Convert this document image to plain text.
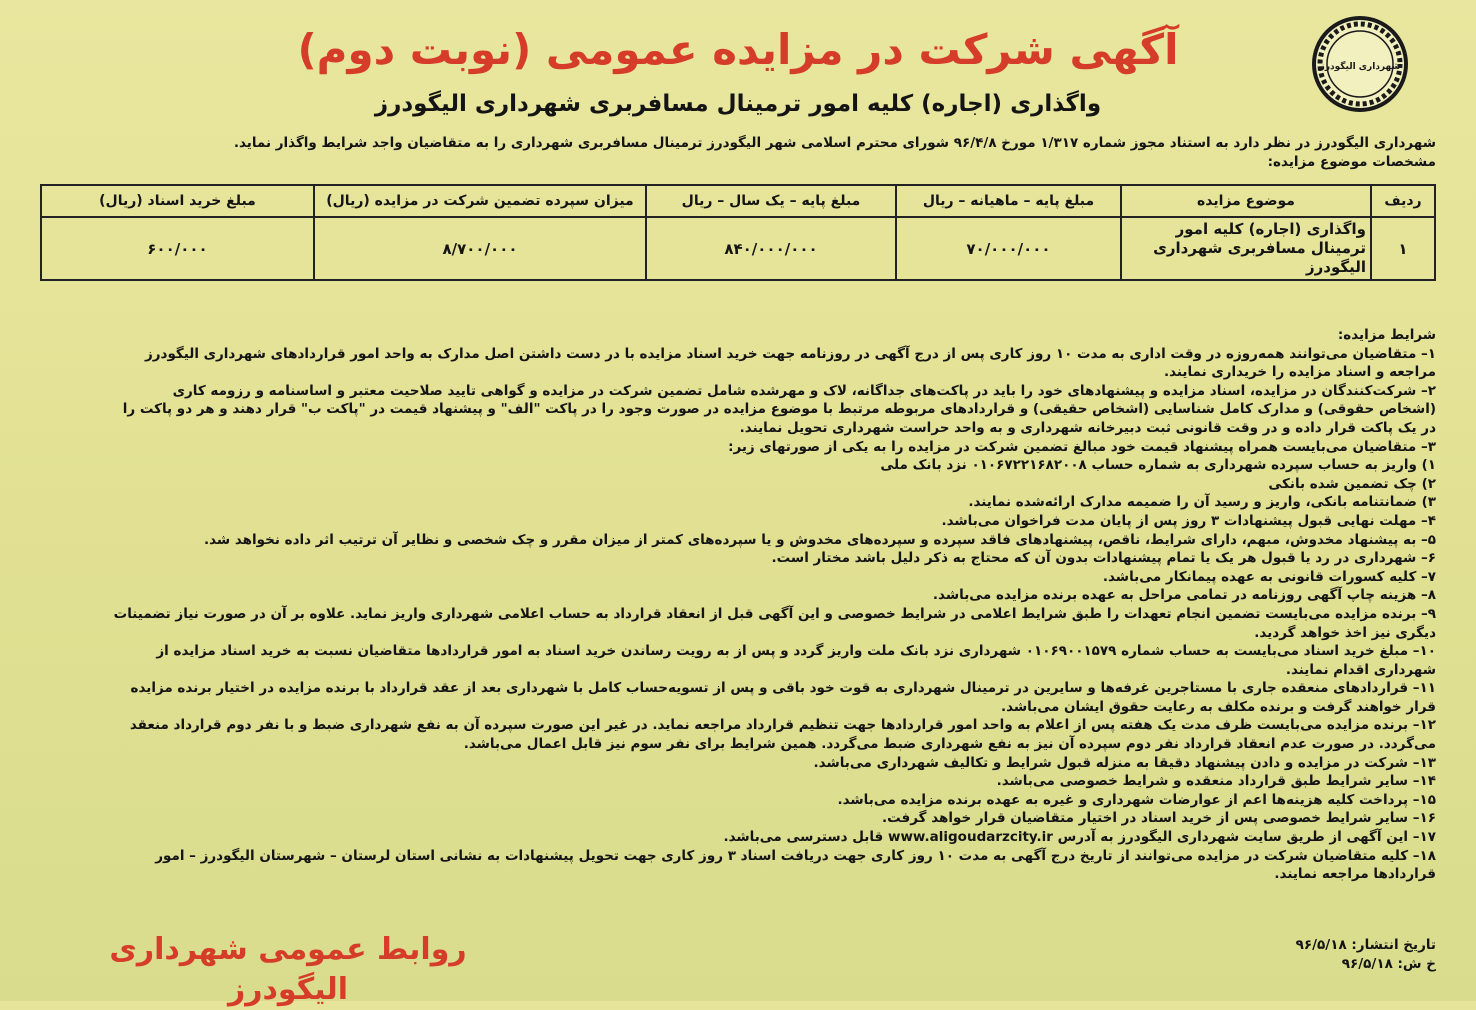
شهرداری الیگودرز
آگهی شرکت در مزایده عمومی (نوبت دوم)
واگذاری (اجاره) کلیه امور ترمینال مسافربری شهرداری الیگودرز
شهرداری الیگودرز در نظر دارد به استناد مجوز شماره ۱/۳۱۷ مورخ ۹۶/۴/۸ شورای محترم اسلامی شهر الیگودرز ترمینال مسافربری شهرداری را به متقاضیان واجد شرایط واگذار نماید.
مشخصات موضوع مزایده:
ردیف	موضوع مزایده	مبلغ پایه – ماهیانه – ریال	مبلغ پایه – یک سال – ریال	میزان سپرده تضمین شرکت در مزایده (ریال)	مبلغ خرید اسناد (ریال)
۱	واگذاری (اجاره) کلیه امور ترمینال مسافربری شهرداری الیگودرز	۷۰/۰۰۰/۰۰۰	۸۴۰/۰۰۰/۰۰۰	۸/۷۰۰/۰۰۰	۶۰۰/۰۰۰
شرایط مزایده:
۱– متقاضیان می‌توانند همه‌روزه در وقت اداری به مدت ۱۰ روز کاری پس از درج آگهی در روزنامه جهت خرید اسناد مزایده با در دست داشتن اصل مدارک به واحد امور قراردادهای شهرداری الیگودرز
مراجعه و اسناد مزایده را خریداری نمایند.
۲– شرکت‌کنندگان در مزایده، اسناد مزایده و پیشنهادهای خود را باید در پاکت‌های جداگانه، لاک و مهرشده شامل تضمین شرکت در مزایده و گواهی تایید صلاحیت معتبر و اساسنامه و رزومه کاری
(اشخاص حقوقی) و مدارک کامل شناسایی (اشخاص حقیقی) و قراردادهای مربوطه مرتبط با موضوع مزایده در صورت وجود را در پاکت "الف" و پیشنهاد قیمت در "پاکت ب" قرار دهند و هر دو پاکت را
در یک پاکت قرار داده و در وقت قانونی ثبت دبیرخانه شهرداری و به واحد حراست شهرداری تحویل نمایند.
۳– متقاضیان می‌بایست همراه پیشنهاد قیمت خود مبالغ تضمین شرکت در مزایده را به یکی از صورتهای زیر:
۱) واریز به حساب سپرده شهرداری به شماره حساب ۰۱۰۶۷۲۲۱۶۸۲۰۰۸ نزد بانک ملی
۲) چک تضمین شده بانکی
۳) ضمانتنامه بانکی، واریز و رسید آن را ضمیمه مدارک ارائه‌شده نمایند.
۴– مهلت نهایی قبول پیشنهادات ۳ روز پس از پایان مدت فراخوان می‌باشد.
۵– به پیشنهاد مخدوش، مبهم، دارای شرایط، ناقص، پیشنهادهای فاقد سپرده و سپرده‌های مخدوش و یا سپرده‌های کمتر از میزان مقرر و چک شخصی و نظایر آن ترتیب اثر داده نخواهد شد.
۶– شهرداری در رد یا قبول هر یک یا تمام پیشنهادات بدون آن که محتاج به ذکر دلیل باشد مختار است.
۷– کلیه کسورات قانونی به عهده پیمانکار می‌باشد.
۸– هزینه چاپ آگهی روزنامه در تمامی مراحل به عهده برنده مزایده می‌باشد.
۹– برنده مزایده می‌بایست تضمین انجام تعهدات را طبق شرایط اعلامی در شرایط خصوصی و این آگهی قبل از انعقاد قرارداد به حساب اعلامی شهرداری واریز نماید. علاوه بر آن در صورت نیاز تضمینات
دیگری نیز اخذ خواهد گردید.
۱۰– مبلغ خرید اسناد می‌بایست به حساب شماره ۰۱۰۶۹۰۰۱۵۷۹ شهرداری نزد بانک ملت واریز گردد و پس از به رویت رساندن خرید اسناد به امور قراردادها متقاضیان نسبت به خرید اسناد مزایده از
شهرداری اقدام نمایند.
۱۱– قراردادهای منعقده جاری با مستاجرین غرفه‌ها و سایرین در ترمینال شهرداری به قوت خود باقی و پس از تسویه‌حساب کامل با شهرداری بعد از عقد قرارداد با برنده مزایده در اختیار برنده مزایده
قرار خواهند گرفت و برنده مکلف به رعایت حقوق ایشان می‌باشد.
۱۲– برنده مزایده می‌بایست ظرف مدت یک هفته پس از اعلام به واحد امور قراردادها جهت تنظیم قرارداد مراجعه نماید. در غیر این صورت سپرده آن به نفع شهرداری ضبط و با نفر دوم قرارداد منعقد
می‌گردد. در صورت عدم انعقاد قرارداد نفر دوم سپرده آن نیز به نفع شهرداری ضبط می‌گردد. همین شرایط برای نفر سوم نیز قابل اعمال می‌باشد.
۱۳– شرکت در مزایده و دادن پیشنهاد دقیقا به منزله قبول شرایط و تکالیف شهرداری می‌باشد.
۱۴– سایر شرایط طبق قرارداد منعقده و شرایط خصوصی می‌باشد.
۱۵– پرداخت کلیه هزینه‌ها اعم از عوارضات شهرداری و غیره به عهده برنده مزایده می‌باشد.
۱۶– سایر شرایط خصوصی پس از خرید اسناد در اختیار متقاضیان قرار خواهد گرفت.
۱۷– این آگهی از طریق سایت شهرداری الیگودرز به آدرس www.aligoudarzcity.ir قابل دسترسی می‌باشد.
۱۸– کلیه متقاضیان شرکت در مزایده می‌توانند از تاریخ درج آگهی به مدت ۱۰ روز کاری جهت دریافت اسناد ۳ روز کاری جهت تحویل پیشنهادات به نشانی استان لرستان – شهرستان الیگودرز – امور
قراردادها مراجعه نمایند.
تاریخ انتشار: ۹۶/۵/۱۸
خ ش: ۹۶/۵/۱۸
روابط عمومی شهرداری الیگودرز
